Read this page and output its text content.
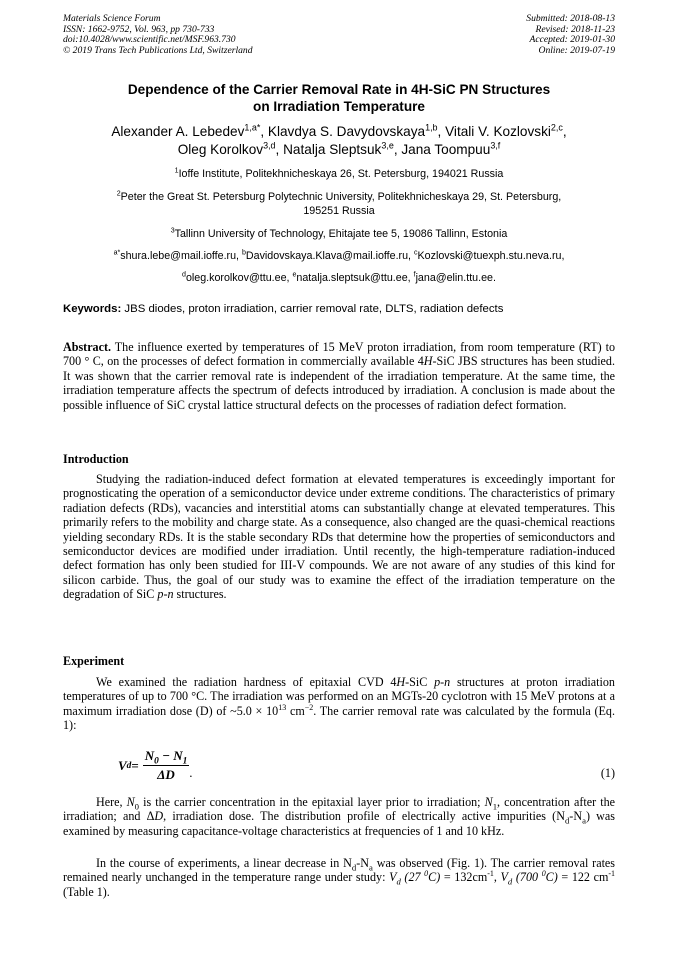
Materials Science Forum
ISSN: 1662-9752, Vol. 963, pp 730-733
doi:10.4028/www.scientific.net/MSF.963.730
© 2019 Trans Tech Publications Ltd, Switzerland
Submitted: 2018-08-13
Revised: 2018-11-23
Accepted: 2019-01-30
Online: 2019-07-19
Dependence of the Carrier Removal Rate in 4H-SiC PN Structures
on Irradiation Temperature
Alexander A. Lebedev$^{1,a*}$, Klavdya S. Davydovskaya$^{1,b}$, Vitali V. Kozlovski$^{2,c}$,
Oleg Korolkov$^{3,d}$, Natalja Sleptsuk$^{3,e}$, Jana Toompuu$^{3,f}$
$^1$Ioffe Institute, Politekhnicheskaya 26, St. Petersburg, 194021 Russia
$^2$Peter the Great St. Petersburg Polytechnic University, Politekhnicheskaya 29, St. Petersburg,
195251 Russia
$^3$Tallinn University of Technology, Ehitajate tee 5, 19086 Tallinn, Estonia
$^{a*}$shura.lebe@mail.ioffe.ru, $^b$Davidovskaya.Klava@mail.ioffe.ru, $^c$Kozlovski@tuexph.stu.neva.ru,
$^d$oleg.korolkov@ttu.ee, $^e$natalja.sleptsuk@ttu.ee, $^f$jana@elin.ttu.ee.
Keywords: JBS diodes, proton irradiation, carrier removal rate, DLTS, radiation defects
Abstract. The influence exerted by temperatures of 15 MeV proton irradiation, from room temperature (RT) to 700 ° C, on the processes of defect formation in commercially available 4H-SiC JBS structures has been studied. It was shown that the carrier removal rate is independent of the irradiation temperature. At the same time, the irradiation temperature affects the spectrum of defects introduced by irradiation. A conclusion is made about the possible influence of SiC crystal lattice structural defects on the processes of radiation defect formation.
Introduction
Studying the radiation-induced defect formation at elevated temperatures is exceedingly important for prognosticating the operation of a semiconductor device under extreme conditions. The characteristics of primary radiation defects (RDs), vacancies and interstitial atoms can substantially change at elevated temperatures. This primarily refers to the mobility and charge state. As a consequence, also changed are the quasi-chemical reactions yielding secondary RDs. It is the stable secondary RDs that determine how the properties of semiconductors and semiconductor devices are modified under irradiation. Until recently, the high-temperature radiation-induced defect formation has only been studied for III-V compounds. We are not aware of any studies of this kind for silicon carbide. Thus, the goal of our study was to examine the effect of the irradiation temperature on the degradation of SiC p-n structures.
Experiment
We examined the radiation hardness of epitaxial CVD 4H-SiC p-n structures at proton irradiation temperatures of up to 700 °C. The irradiation was performed on an MGTs-20 cyclotron with 15 MeV protons at a maximum irradiation dose (D) of ~5.0 × $10^{13}$ $cm^{-2}$. The carrier removal rate was calculated by the formula (Eq. 1):
V $d = \frac{N_0 - N_1}{\Delta D}$ .	(1)
Here, $N_0$ is the carrier concentration in the epitaxial layer prior to irradiation; $N_1$, concentration after the irradiation; and ΔD, irradiation dose. The distribution profile of electrically active impurities $(N_d-N_a)$ was examined by measuring capacitance-voltage characteristics at frequencies of 1 and 10 kHz.
In the course of experiments, a linear decrease in $N_d-N_a$ was observed (Fig. 1). The carrier removal rates remained nearly unchanged in the temperature range under study: $V_d$ (27 $^0C) = 132cm^{-1}$, $V_d$ (700 $^0$C) = 122 $cm^{-1}$ (Table 1).
